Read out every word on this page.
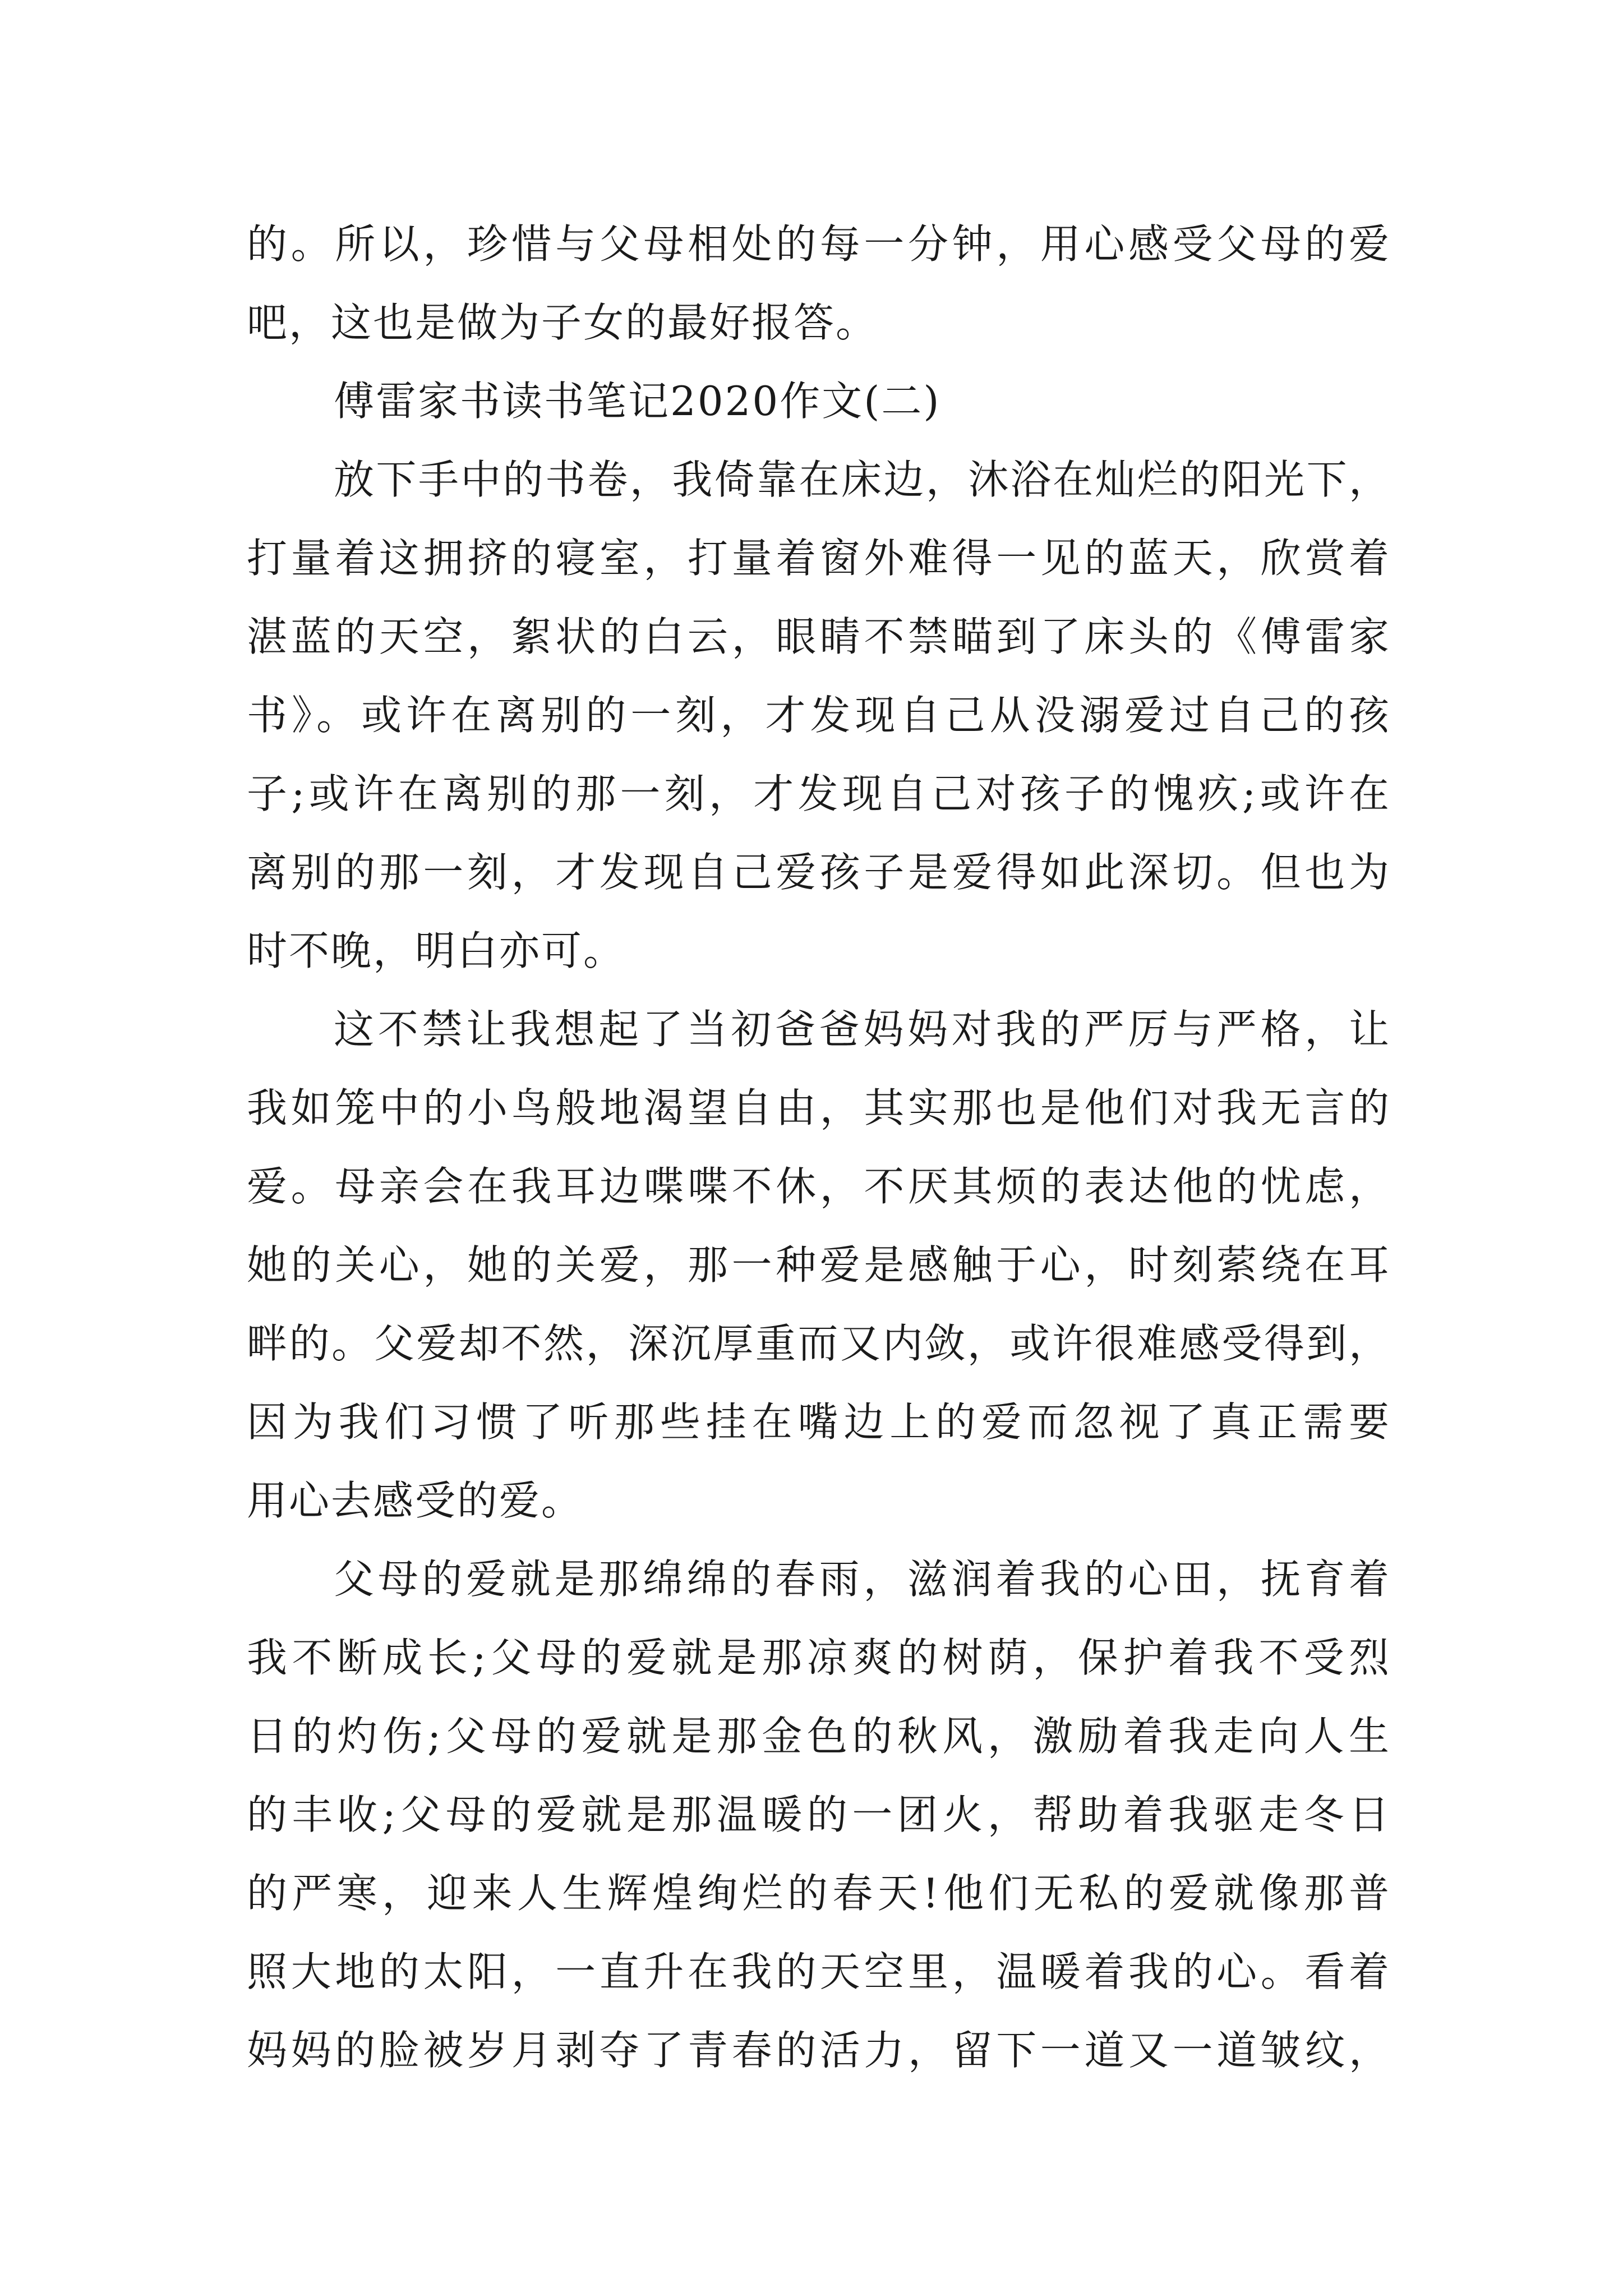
的。所以，珍惜与父母相处的每一分钟，用心感受父母的爱
吧，这也是做为子女的最好报答。
傅雷家书读书笔记2020作文(二)
放下手中的书卷，我倚靠在床边，沐浴在灿烂的阳光下，
打量着这拥挤的寝室，打量着窗外难得一见的蓝天，欣赏着
湛蓝的天空，絮状的白云，眼睛不禁瞄到了床头的《傅雷家
书》。或许在离别的一刻，才发现自己从没溺爱过自己的孩
子;或许在离别的那一刻，才发现自己对孩子的愧疚;或许在
离别的那一刻，才发现自己爱孩子是爱得如此深切。但也为
时不晚，明白亦可。
这不禁让我想起了当初爸爸妈妈对我的严厉与严格，让
我如笼中的小鸟般地渴望自由，其实那也是他们对我无言的
爱。母亲会在我耳边喋喋不休，不厌其烦的表达他的忧虑，
她的关心，她的关爱，那一种爱是感触于心，时刻萦绕在耳
畔的。父爱却不然，深沉厚重而又内敛，或许很难感受得到，
因为我们习惯了听那些挂在嘴边上的爱而忽视了真正需要
用心去感受的爱。
父母的爱就是那绵绵的春雨，滋润着我的心田，抚育着
我不断成长;父母的爱就是那凉爽的树荫，保护着我不受烈
日的灼伤;父母的爱就是那金色的秋风，激励着我走向人生
的丰收;父母的爱就是那温暖的一团火，帮助着我驱走冬日
的严寒，迎来人生辉煌绚烂的春天!他们无私的爱就像那普
照大地的太阳，一直升在我的天空里，温暖着我的心。看着
妈妈的脸被岁月剥夺了青春的活力，留下一道又一道皱纹，
